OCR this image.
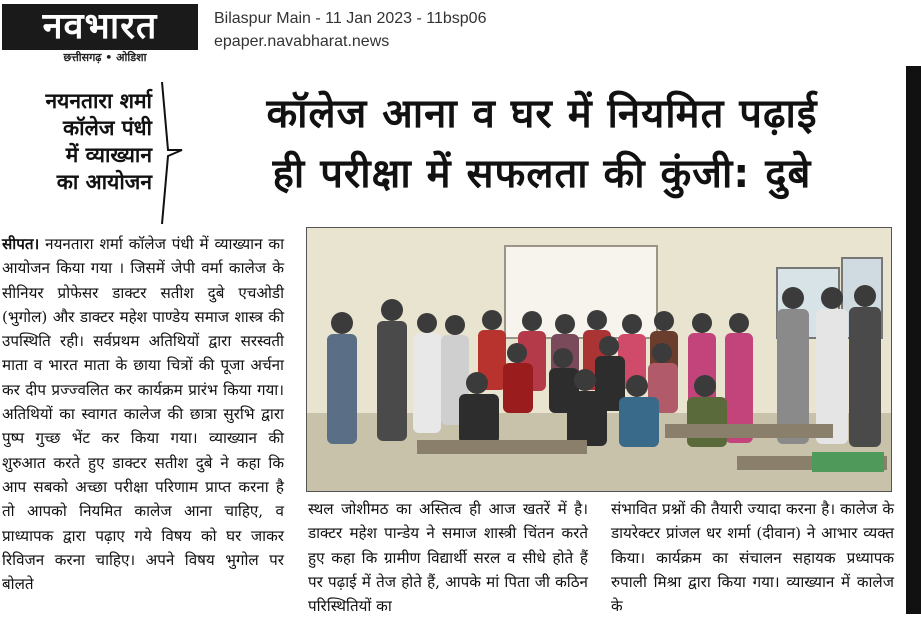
नवभारत
छत्तीसगढ़ • ओडिशा
Bilaspur Main - 11 Jan 2023 - 11bsp06
epaper.navabharat.news
नयनतारा शर्मा
कॉलेज पंधी
में व्याख्यान
का आयोजन
कॉलेज आना व घर में नियमित पढ़ाई
ही परीक्षा में सफलता की कुंजी: दुबे
सीपत। नयनतारा शर्मा कॉलेज पंधी में व्याख्यान का आयोजन किया गया । जिसमें जेपी वर्मा कालेज के सीनियर प्रोफेसर डाक्टर सतीश दुबे एचओडी (भुगोल) और डाक्टर महेश पाण्डेय समाज शास्त्र की उपस्थिति रही। सर्वप्रथम अतिथियों द्वारा सरस्वती माता व भारत माता के छाया चित्रों की पूजा अर्चना कर दीप प्रज्ज्वलित कर कार्यक्रम प्रारंभ किया गया। अतिथियों का स्वागत कालेज की छात्रा सुरभि द्वारा पुष्प गुच्छ भेंट कर किया गया। व्याख्यान की शुरुआत करते हुए डाक्टर सतीश दुबे ने कहा कि आप सबको अच्छा परीक्षा परिणाम प्राप्त करना है तो आपको नियमित कालेज आना चाहिए, व प्राध्यापक द्वारा पढ़ाए गये विषय को घर जाकर रिविजन करना चाहिए। अपने विषय भुगोल पर बोलते
स्थल जोशीमठ का अस्तित्व ही आज खतरें में है। डाक्टर महेश पान्डेय ने समाज शास्त्री चिंतन करते हुए कहा कि ग्रामीण विद्यार्थी सरल व सीधे होते हैं पर पढ़ाई में तेज होते हैं, आपके मां पिता जी कठिन परिस्थितियों का
संभावित प्रश्नों की तैयारी ज्यादा करना है। कालेज के डायरेक्टर प्रांजल धर शर्मा (दीवान) ने आभार व्यक्त किया। कार्यक्रम का संचालन सहायक प्रध्यापक रुपाली मिश्रा द्वारा किया गया। व्याख्यान में कालेज के
